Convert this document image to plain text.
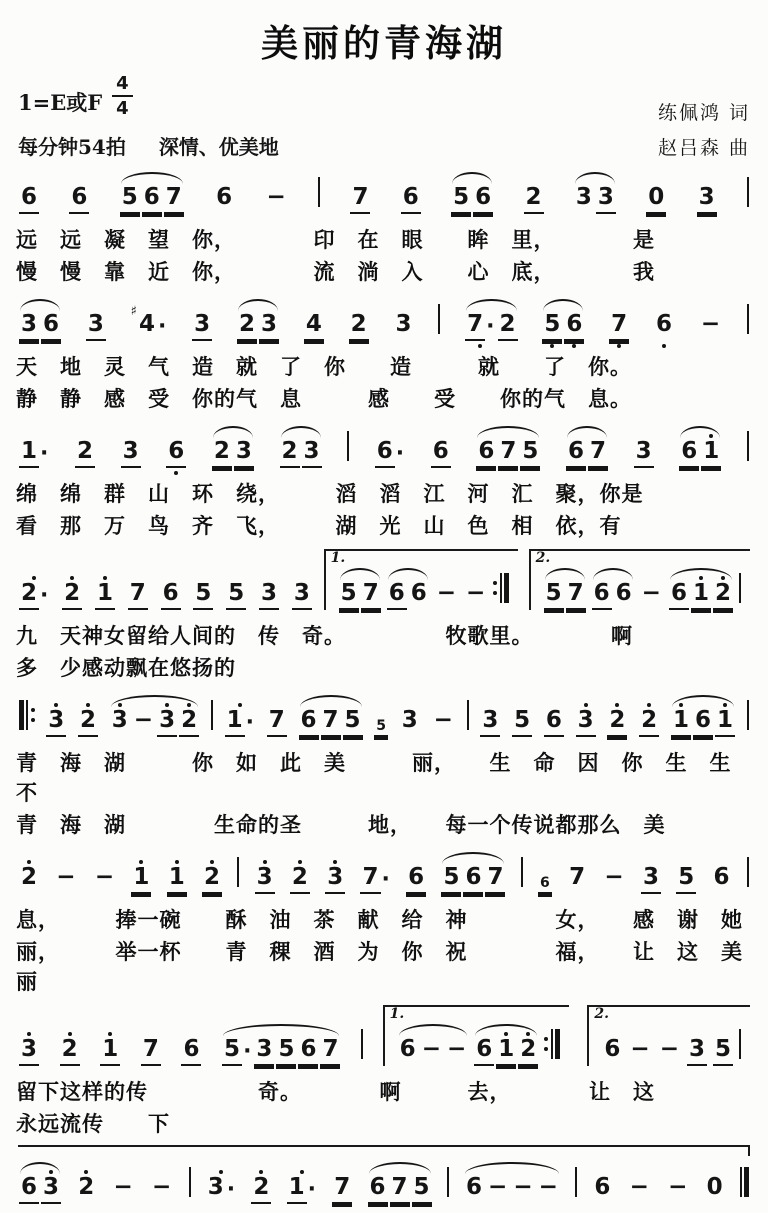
美丽的青海湖
1=E或F $\frac{4}{4}$	练佩鸿 词
每分钟54拍 深情、优美地	赵吕森 曲
6 6 5 6 7 6 −	7 6 5 6 2 3 3 0 3

远　远　凝　望　你，　　　　印　在　眼　　眸　里，　　　　是

慢　慢　靠　近　你，　　　　流　淌　入　　心　底，　　　　我

3 6 3 ♯ 4 · 3 2 3 4 2 3 7 · 2 5 6 7 6 −

天　地　灵　气　造　就　了　你　　造　　　就　　了　你。

静　静　感　受　你的气　息　　　感　　受　　你的气　息。

1 · 2 3 6 2 3 2 3 6 · 6 6 7 5 6 7 3 6 1

绵　绵　群　山　环　绕，　　　滔　滔　江　河　汇　聚，你是

看　那　万　鸟　齐　飞，　　　湖　光　山　色　相　依，有

2 · 2 1 7 6 5 5 3 3
1.
5 7 6 6 − −
2.
5 7 6 6 − 6 1 2

九　天神女留给人间的　传　奇。　　　　　牧歌里。　　　　啊

多　少感动飘在悠扬的

3 2 3 − 3 2 1 · 7 6 7 5 5 3 − 3 5 6 3 2 2 1 6 1

青　海　湖　　　你　如　此　美　　　丽，　　生　命　因　你　生　生　不

青　海　湖　　　　生命的圣　　　地，　　每一个传说都那么　美

2 − − 1 1 2 3 2 3 7 · 6 5 6 7	6 7 − 3 5 6

息，　　　捧一碗　　酥　油　茶　献　给　神　　　　女，　　感　谢　她

丽，　　　举一杯　　青　稞　酒　为　你　祝　　　　福，　　让　这　美　丽

3 2 1 7 6 5 · 3 5 6 7
1.
6 − − 6 1 2
2.
6 − − 3 5

留下这样的传　　　　　奇。　　　　啊　　　去，　　　　让　这

永远流传　　下

6 3 2 − − 3 · 2 1 · 7 6 7 5 6 − − − 6 − − 0
